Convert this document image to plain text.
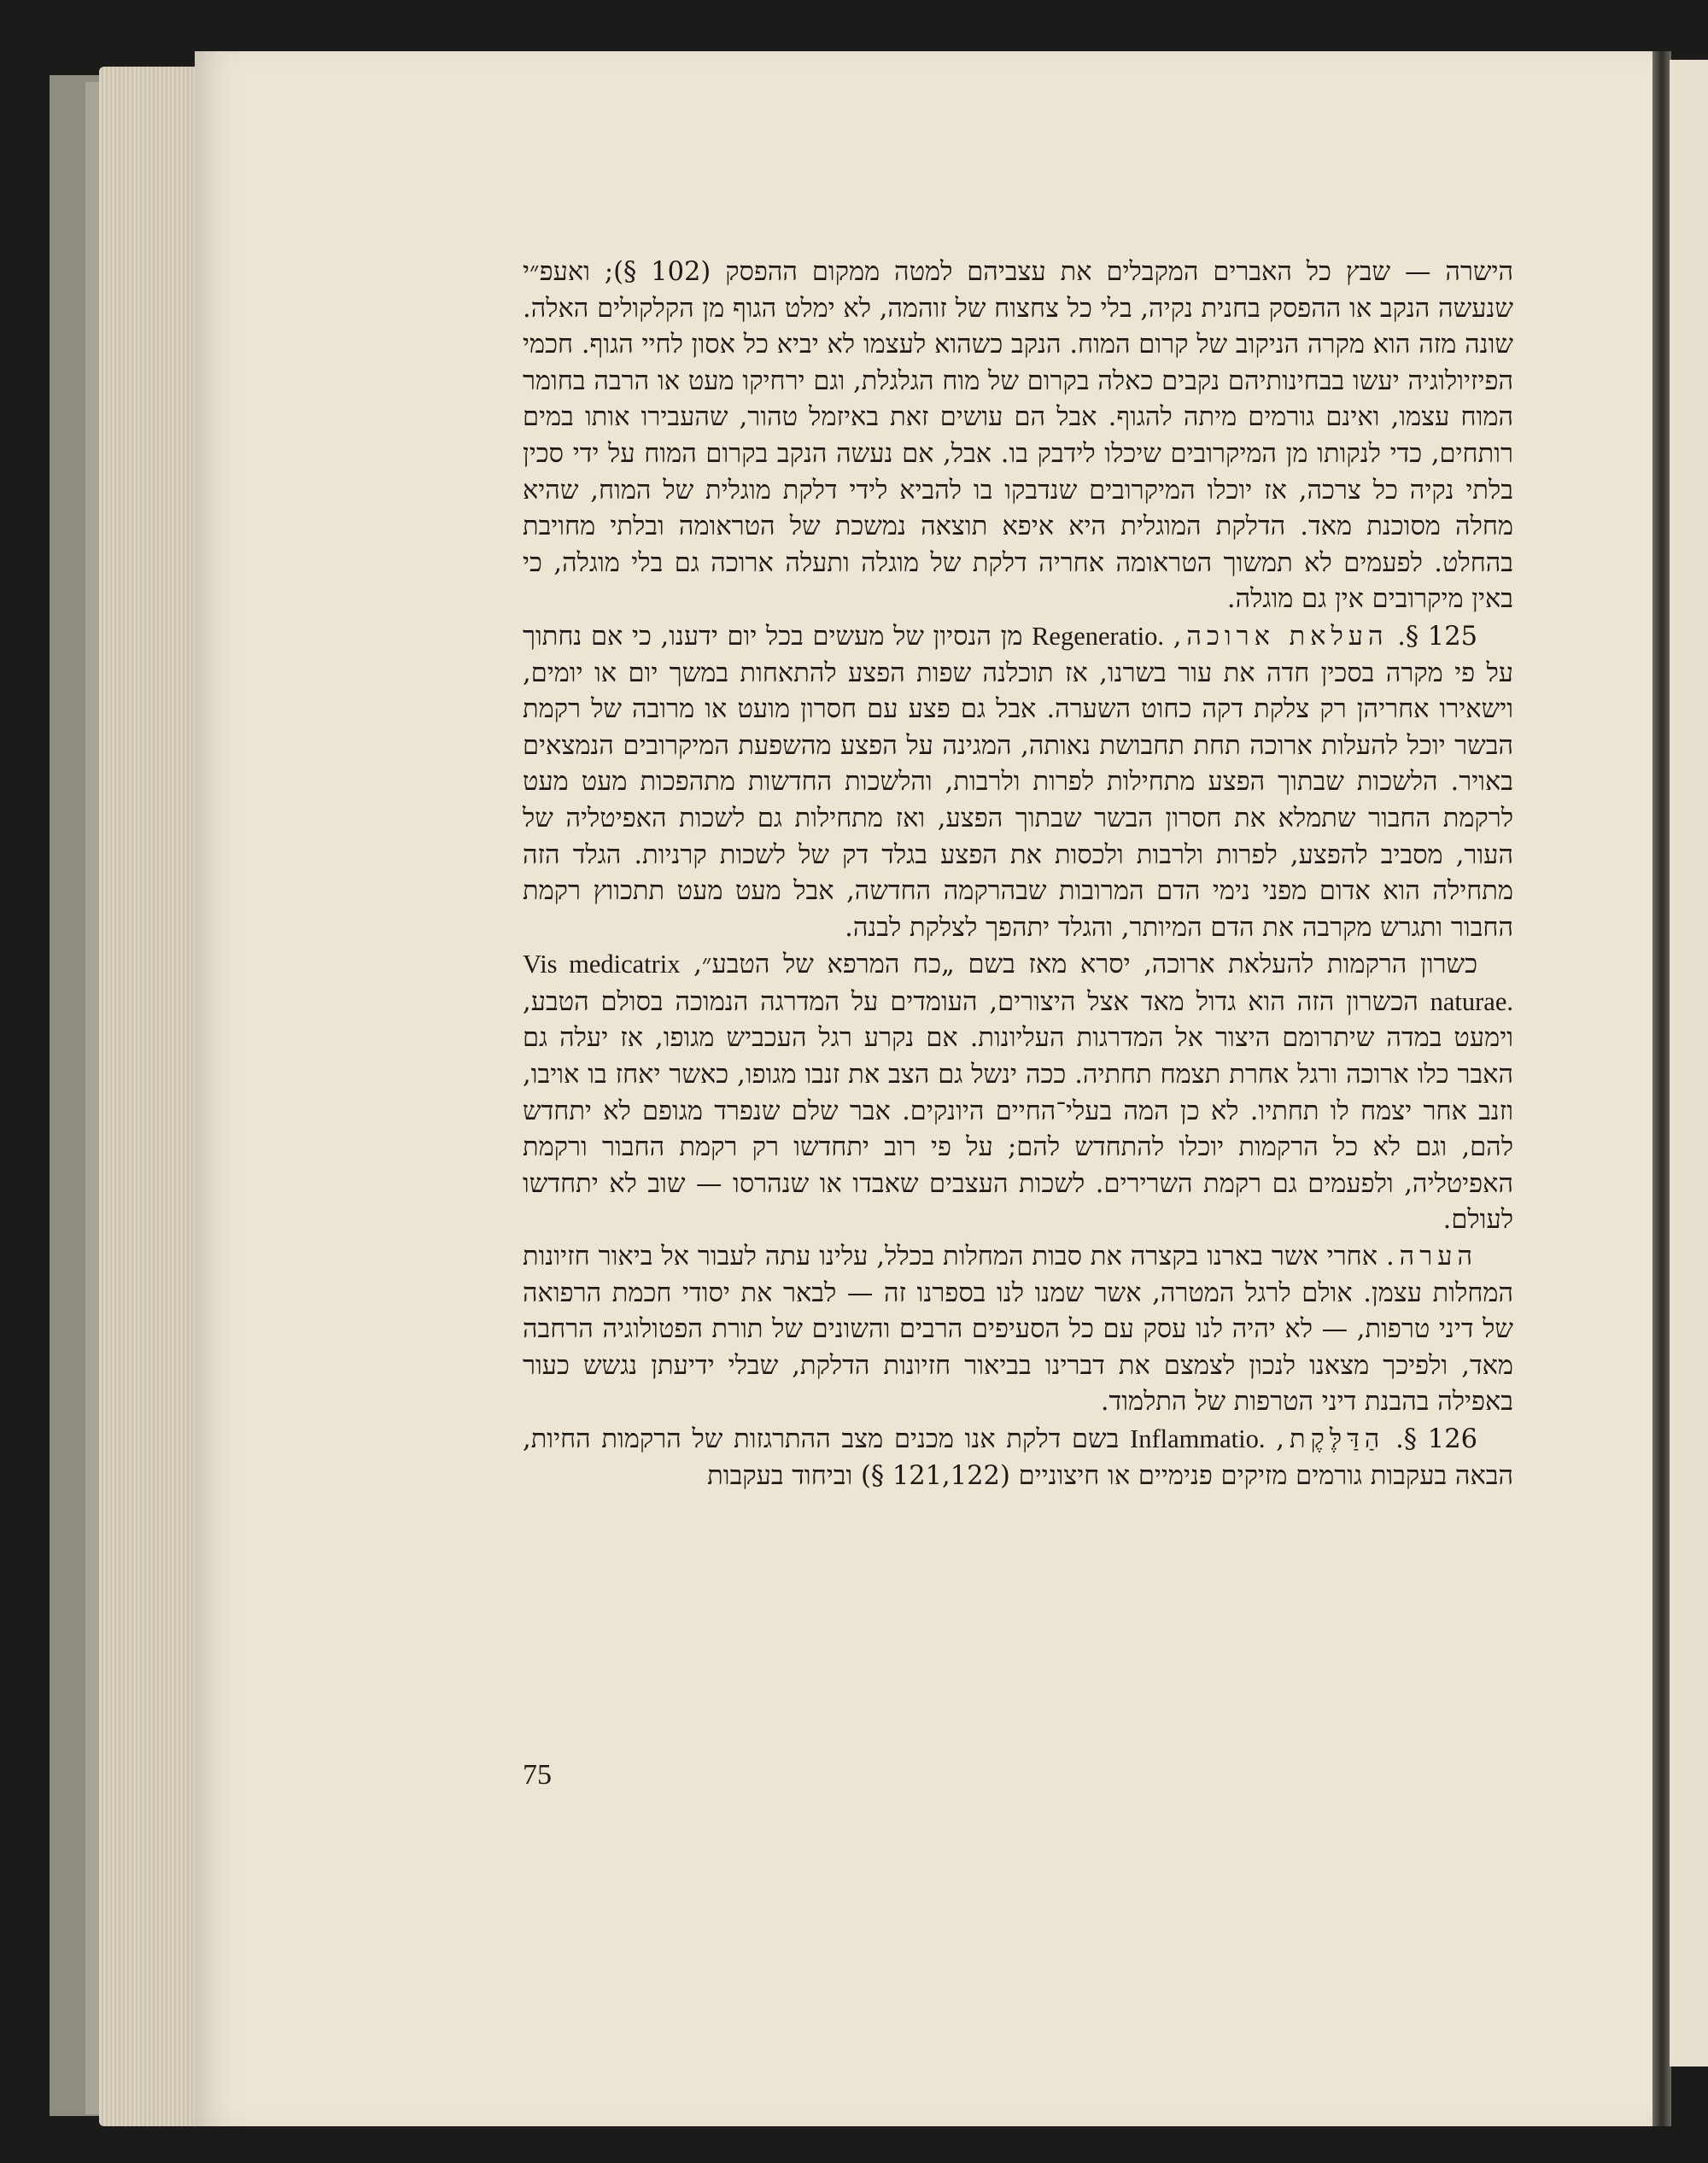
הישרה — שבץ כל האברים המקבלים את עצביהם למטה ממקום ההפסק (102 §); ואעפ״י שנעשה הנקב או ההפסק בחנית נקיה, בלי כל צחצוח של זוהמה, לא ימלט הגוף מן הקלקולים האלה. שונה מזה הוא מקרה הניקוב של קרום המוח. הנקב כשהוא לעצמו לא יביא כל אסון לחיי הגוף. חכמי הפיזיולוגיה יעשו בבחינותיהם נקבים כאלה בקרום של מוח הגלגלת, וגם ירחיקו מעט או הרבה בחומר המוח עצמו, ואינם גורמים מיתה להגוף. אבל הם עושים זאת באיזמל טהור, שהעבירו אותו במים רותחים, כדי לנקותו מן המיקרובים שיכלו לידבק בו. אבל, אם נעשה הנקב בקרום המוח על ידי סכין בלתי נקיה כל צרכה, אז יוכלו המיקרובים שנדבקו בו להביא לידי דלקת מוגלית של המוח, שהיא מחלה מסוכנת מאד. הדלקת המוגלית היא איפא תוצאה נמשכת של הטראומה ובלתי מחויבת בהחלט. לפעמים לא תמשוך הטראומה אחריה דלקת של מוגלה ותעלה ארוכה גם בלי מוגלה, כי באין מיקרובים אין גם מוגלה.

125 §. העלאת ארוכה, Regeneratio. מן הנסיון של מעשים בכל יום ידענו, כי אם נחתוך על פי מקרה בסכין חדה את עור בשרנו, אז תוכלנה שפות הפצע להתאחות במשך יום או יומים, וישאירו אחריהן רק צלקת דקה כחוט השערה. אבל גם פצע עם חסרון מועט או מרובה של רקמת הבשר יוכל להעלות ארוכה תחת תחבושת נאותה, המגינה על הפצע מהשפעת המיקרובים הנמצאים באויר. הלשכות שבתוך הפצע מתחילות לפרות ולרבות, והלשכות החדשות מתהפכות מעט מעט לרקמת החבור שתמלא את חסרון הבשר שבתוך הפצע, ואז מתחילות גם לשכות האפיטליה של העור, מסביב להפצע, לפרות ולרבות ולכסות את הפצע בגלד דק של לשכות קרניות. הגלד הזה מתחילה הוא אדום מפני נימי הדם המרובות שבהרקמה החדשה, אבל מעט מעט תתכווץ רקמת החבור ותגרש מקרבה את הדם המיותר, והגלד יתהפך לצלקת לבנה.

כשרון הרקמות להעלאת ארוכה, יסרא מאז בשם „כח המרפא של הטבע״, Vis medicatrix naturae. הכשרון הזה הוא גדול מאד אצל היצורים, העומדים על המדרגה הנמוכה בסולם הטבע, וימעט במדה שיתרומם היצור אל המדרגות העליונות. אם נקרע רגל העכביש מגופו, אז יעלה גם האבר כלו ארוכה ורגל אחרת תצמח תחתיה. ככה ינשל גם הצב את זנבו מגופו, כאשר יאחז בו אויבו, וזנב אחר יצמח לו תחתיו. לא כן המה בעלי־החיים היונקים. אבר שלם שנפרד מגופם לא יתחדש להם, וגם לא כל הרקמות יוכלו להתחדש להם; על פי רוב יתחדשו רק רקמת החבור ורקמת האפיטליה, ולפעמים גם רקמת השרירים. לשכות העצבים שאבדו או שנהרסו — שוב לא יתחדשו לעולם.

הערה. אחרי אשר בארנו בקצרה את סבות המחלות בכלל, עלינו עתה לעבור אל ביאור חזיונות המחלות עצמן. אולם לרגל המטרה, אשר שמנו לנו בספרנו זה — לבאר את יסודי חכמת הרפואה של דיני טרפות, — לא יהיה לנו עסק עם כל הסעיפים הרבים והשונים של תורת הפטולוגיה הרחבה מאד, ולפיכך מצאנו לנכון לצמצם את דברינו בביאור חזיונות הדלקת, שבלי ידיעתן נגשש כעור באפילה בהבנת דיני הטרפות של התלמוד.

126 §. הַדַּלֶּקֶת, Inflammatio. בשם דלקת אנו מכנים מצב ההתרגזות של הרקמות החיות, הבאה בעקבות גורמים מזיקים פנימיים או חיצוניים (121,122 §) וביחוד בעקבות

75
